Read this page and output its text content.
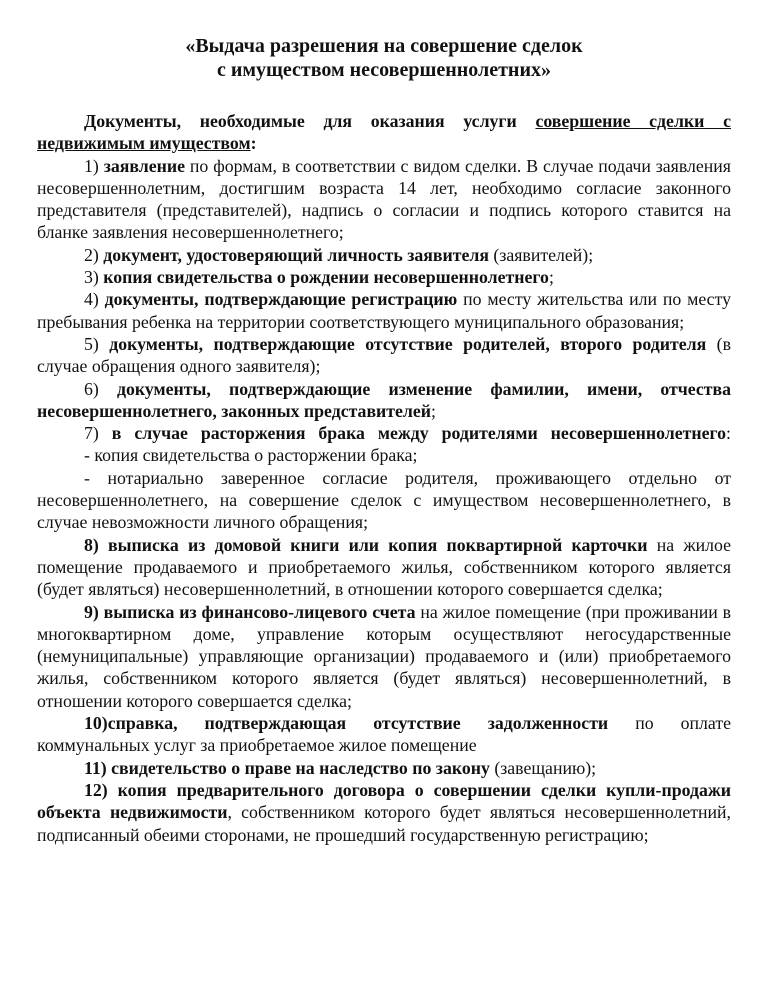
«Выдача разрешения на совершение сделок
с имуществом несовершеннолетних»

Документы, необходимые для оказания услуги совершение сделки с недвижимым имуществом:

1) заявление по формам, в соответствии с видом сделки. В случае подачи заявления несовершеннолетним, достигшим возраста 14 лет, необходимо согласие законного представителя (представителей), надпись о согласии и подпись которого ставится на бланке заявления несовершеннолетнего;

2) документ, удостоверяющий личность заявителя (заявителей);

3) копия свидетельства о рождении несовершеннолетнего;

4) документы, подтверждающие регистрацию по месту жительства или по месту пребывания ребенка на территории соответствующего муниципального образования;

5) документы, подтверждающие отсутствие родителей, второго родителя (в случае обращения одного заявителя);

6) документы, подтверждающие изменение фамилии, имени, отчества несовершеннолетнего, законных представителей;

7) в случае расторжения брака между родителями несовершеннолетнего:

- копия свидетельства о расторжении брака;

- нотариально заверенное согласие родителя, проживающего отдельно от несовершеннолетнего, на совершение сделок с имуществом несовершеннолетнего, в случае невозможности личного обращения;

8) выписка из домовой книги или копия поквартирной карточки на жилое помещение продаваемого и приобретаемого жилья, собственником которого является (будет являться) несовершеннолетний, в отношении которого совершается сделка;

9) выписка из финансово-лицевого счета на жилое помещение (при проживании в многоквартирном доме, управление которым осуществляют негосударственные (немуниципальные) управляющие организации) продаваемого и (или) приобретаемого жилья, собственником которого является (будет являться) несовершеннолетний, в отношении которого совершается сделка;

10)справка, подтверждающая отсутствие задолженности по оплате коммунальных услуг за приобретаемое жилое помещение

11) свидетельство о праве на наследство по закону (завещанию);

12) копия предварительного договора о совершении сделки купли-продажи объекта недвижимости, собственником которого будет являться несовершеннолетний, подписанный обеими сторонами, не прошедший государственную регистрацию;
